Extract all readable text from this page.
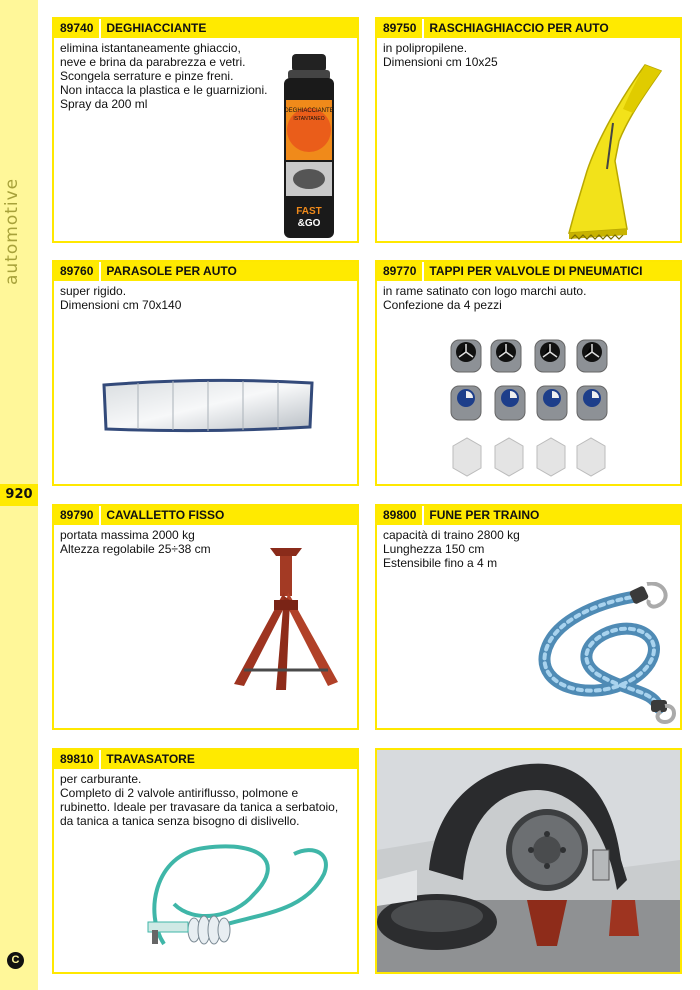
automotive
920
C
89740 DEGHIACCIANTE
elimina istantaneamente ghiaccio,
neve e brina da parabrezza e vetri.
Scongela serrature e pinze freni.
Non intacca la plastica e le guarnizioni.
Spray da 200 ml	DEGHIACCIANTE
ISTANTANEO
FAST
&GO
89750 RASCHIAGHIACCIO PER AUTO
in polipropilene.
Dimensioni cm 10x25
89760 PARASOLE PER AUTO
super rigido.
Dimensioni cm 70x140
89770 TAPPI PER VALVOLE DI PNEUMATICI
in rame satinato con logo marchi auto.
Confezione da 4 pezzi
89790 CAVALLETTO FISSO
portata massima 2000 kg
Altezza regolabile 25÷38 cm
89800 FUNE PER TRAINO
capacità di traino 2800 kg
Lunghezza 150 cm
Estensibile fino a 4 m
89810 TRAVASATORE
per carburante.
Completo di 2 valvole antiriflusso, polmone e
rubinetto. Ideale per travasare da tanica a serbatoio,
da tanica a tanica senza bisogno di dislivello.
